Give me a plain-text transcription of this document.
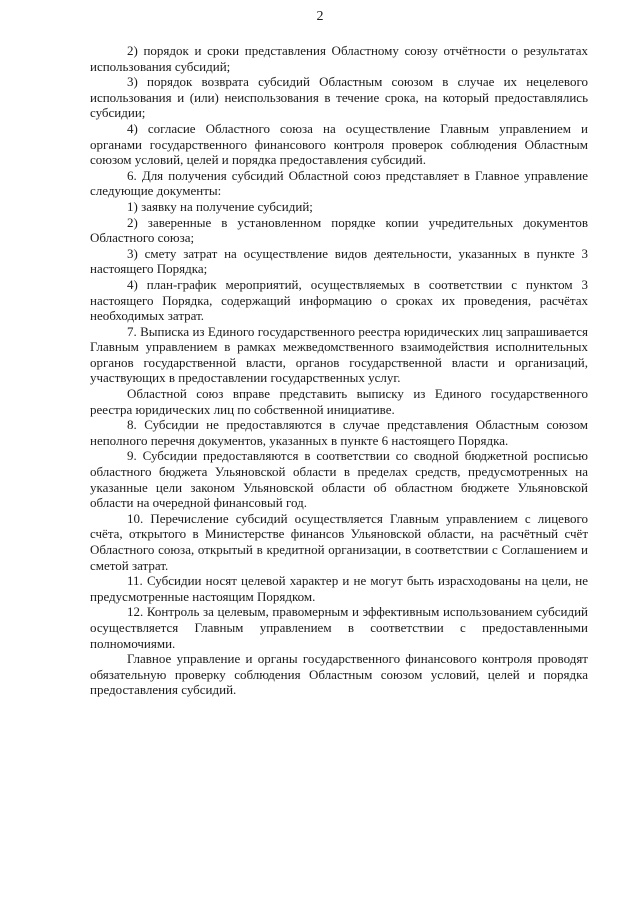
2

2) порядок и сроки представления Областному союзу отчётности о результатах использования субсидий;

3) порядок возврата субсидий Областным союзом в случае их нецелевого использования и (или) неиспользования в течение срока, на который предоставлялись субсидии;

4) согласие Областного союза на осуществление Главным управлением и органами государственного финансового контроля проверок соблюдения Областным союзом условий, целей и порядка предоставления субсидий.

6. Для получения субсидий Областной союз представляет в Главное управление следующие документы:

1) заявку на получение субсидий;

2) заверенные в установленном порядке копии учредительных документов Областного союза;

3) смету затрат на осуществление видов деятельности, указанных в пункте 3 настоящего Порядка;

4) план-график мероприятий, осуществляемых в соответствии с пунктом 3 настоящего Порядка, содержащий информацию о сроках их проведения, расчётах необходимых затрат.

7. Выписка из Единого государственного реестра юридических лиц запрашивается Главным управлением в рамках межведомственного взаимодействия исполнительных органов государственной власти, органов государственной власти и организаций, участвующих в предоставлении государственных услуг.

Областной союз вправе представить выписку из Единого государственного реестра юридических лиц по собственной инициативе.

8. Субсидии не предоставляются в случае представления Областным союзом неполного перечня документов, указанных в пункте 6 настоящего Порядка.

9. Субсидии предоставляются в соответствии со сводной бюджетной росписью областного бюджета Ульяновской области в пределах средств, предусмотренных на указанные цели законом Ульяновской области об областном бюджете Ульяновской области на очередной финансовый год.

10. Перечисление субсидий осуществляется Главным управлением с лицевого счёта, открытого в Министерстве финансов Ульяновской области, на расчётный счёт Областного союза, открытый в кредитной организации, в соответствии с Соглашением и сметой затрат.

11. Субсидии носят целевой характер и не могут быть израсходованы на цели, не предусмотренные настоящим Порядком.

12. Контроль за целевым, правомерным и эффективным использованием субсидий осуществляется Главным управлением в соответствии с предоставленными полномочиями.

Главное управление и органы государственного финансового контроля проводят обязательную проверку соблюдения Областным союзом условий, целей и порядка предоставления субсидий.
